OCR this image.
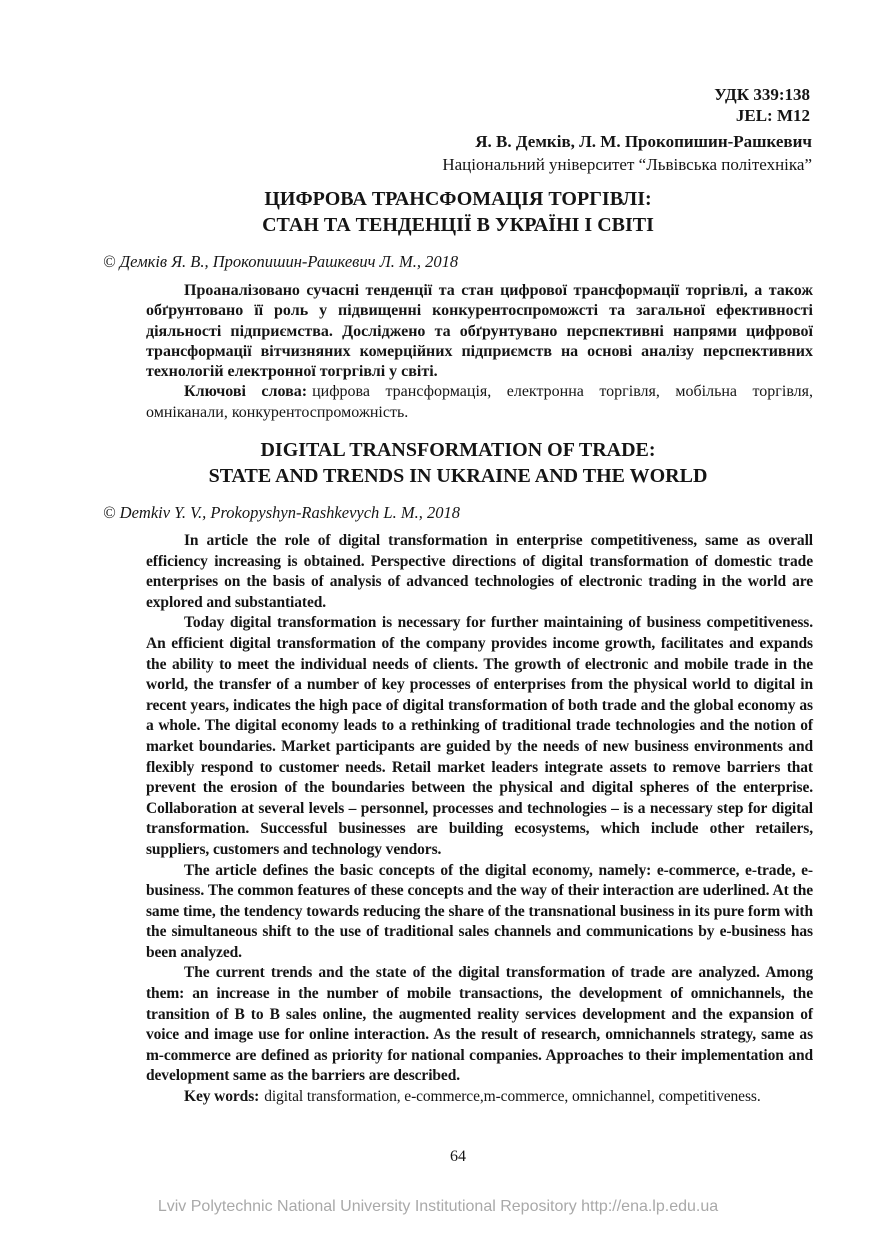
УДК 339:138
JEL: M12
Я. В. Демків, Л. М. Прокопишин-Рашкевич
Національний університет “Львівська політехніка”
ЦИФРОВА ТРАНСФОМАЦІЯ ТОРГІВЛІ:
СТАН ТА ТЕНДЕНЦІЇ В УКРАЇНІ І СВІТІ
© Демків Я. В., Прокопишин-Рашкевич Л. М., 2018

Проаналізовано сучасні тенденції та стан цифрової трансформації торгівлі, а також обґрунтовано її роль у підвищенні конкурентоспроможсті та загальної ефективності діяльності підприємства. Досліджено та обґрунтувано перспективні напрями цифрової трансформації вітчизняних комерційних підприємств на основі аналізу перспективних технологій електронної тогргівлі у світі.

Ключові слова: цифрова трансформація, електронна торгівля, мобільна торгівля, омніканали, конкурентоспроможність.

DIGITAL TRANSFORMATION OF TRADE:
STATE AND TRENDS IN UKRAINE AND THE WORLD
© Demkiv Y. V., Prokopyshyn-Rashkevych L. M., 2018

In article the role of digital transformation in enterprise competitiveness, same as overall efficiency increasing is obtained. Perspective directions of digital transformation of domestic trade enterprises on the basis of analysis of advanced technologies of electronic trading in the world are explored and substantiated.

Today digital transformation is necessary for further maintaining of business competitiveness. An efficient digital transformation of the company provides income growth, facilitates and expands the ability to meet the individual needs of clients. The growth of electronic and mobile trade in the world, the transfer of a number of key processes of enterprises from the physical world to digital in recent years, indicates the high pace of digital transformation of both trade and the global economy as a whole. The digital economy leads to a rethinking of traditional trade technologies and the notion of market boundaries. Market participants are guided by the needs of new business environments and flexibly respond to customer needs. Retail market leaders integrate assets to remove barriers that prevent the erosion of the boundaries between the physical and digital spheres of the enterprise. Collaboration at several levels – personnel, processes and technologies – is a necessary step for digital transformation. Successful businesses are building ecosystems, which include other retailers, suppliers, customers and technology vendors.

The article defines the basic concepts of the digital economy, namely: e-commerce, e-trade, e-business. The common features of these concepts and the way of their interaction are uderlined. At the same time, the tendency towards reducing the share of the transnational business in its pure form with the simultaneous shift to the use of traditional sales channels and communications by e-business has been analyzed.

The current trends and the state of the digital transformation of trade are analyzed. Among them: an increase in the number of mobile transactions, the development of omnichannels, the transition of B to B sales online, the augmented reality services development and the expansion of voice and image use for online interaction. As the result of research, omnichannels strategy, same as m-commerce are defined as priority for national companies. Approaches to their implementation and development same as the barriers are described.

Key words: digital transformation, e-commerce,m-commerce, omnichannel, competitiveness.

64
Lviv Polytechnic National University Institutional Repository http://ena.lp.edu.ua
